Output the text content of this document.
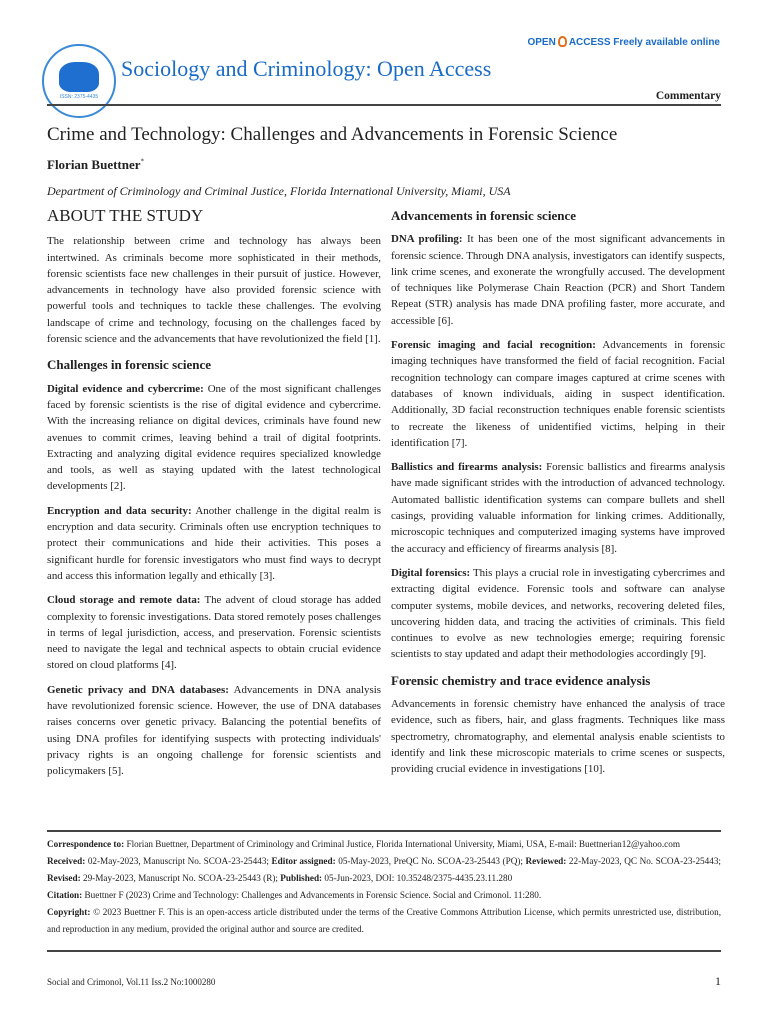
ISSN: 2375-4435
Sociology and Criminology: Open Access
OPEN ACCESS Freely available online
Commentary
Crime and Technology: Challenges and Advancements in Forensic Science
Florian Buettner*
Department of Criminology and Criminal Justice, Florida International University, Miami, USA
ABOUT THE STUDY

The relationship between crime and technology has always been intertwined. As criminals become more sophisticated in their methods, forensic scientists face new challenges in their pursuit of justice. However, advancements in technology have also provided forensic science with powerful tools and techniques to tackle these challenges. The evolving landscape of crime and technology, focusing on the challenges faced by forensic science and the advancements that have revolutionized the field [1].

Challenges in forensic science

Digital evidence and cybercrime: One of the most significant challenges faced by forensic scientists is the rise of digital evidence and cybercrime. With the increasing reliance on digital devices, criminals have found new avenues to commit crimes, leaving behind a trail of digital footprints. Extracting and analyzing digital evidence requires specialized knowledge and tools, as well as staying updated with the latest technological developments [2].

Encryption and data security: Another challenge in the digital realm is encryption and data security. Criminals often use encryption techniques to protect their communications and hide their activities. This poses a significant hurdle for forensic investigators who must find ways to decrypt and access this information legally and ethically [3].

Cloud storage and remote data: The advent of cloud storage has added complexity to forensic investigations. Data stored remotely poses challenges in terms of legal jurisdiction, access, and preservation. Forensic scientists need to navigate the legal and technical aspects to obtain crucial evidence stored on cloud platforms [4].

Genetic privacy and DNA databases: Advancements in DNA analysis have revolutionized forensic science. However, the use of DNA databases raises concerns over genetic privacy. Balancing the potential benefits of using DNA profiles for identifying suspects with protecting individuals' privacy rights is an ongoing challenge for forensic scientists and policymakers [5].

Advancements in forensic science

DNA profiling: It has been one of the most significant advancements in forensic science. Through DNA analysis, investigators can identify suspects, link crime scenes, and exonerate the wrongfully accused. The development of techniques like Polymerase Chain Reaction (PCR) and Short Tandem Repeat (STR) analysis has made DNA profiling faster, more accurate, and accessible [6].

Forensic imaging and facial recognition: Advancements in forensic imaging techniques have transformed the field of facial recognition. Facial recognition technology can compare images captured at crime scenes with databases of known individuals, aiding in suspect identification. Additionally, 3D facial reconstruction techniques enable forensic scientists to recreate the likeness of unidentified victims, helping in their identification [7].

Ballistics and firearms analysis: Forensic ballistics and firearms analysis have made significant strides with the introduction of advanced technology. Automated ballistic identification systems can compare bullets and shell casings, providing valuable information for linking crimes. Additionally, microscopic techniques and computerized imaging systems have improved the accuracy and efficiency of firearms analysis [8].

Digital forensics: This plays a crucial role in investigating cybercrimes and extracting digital evidence. Forensic tools and software can analyse computer systems, mobile devices, and networks, recovering deleted files, uncovering hidden data, and tracing the activities of criminals. This field continues to evolve as new technologies emerge; requiring forensic scientists to stay updated and adapt their methodologies accordingly [9].

Forensic chemistry and trace evidence analysis

Advancements in forensic chemistry have enhanced the analysis of trace evidence, such as fibers, hair, and glass fragments. Techniques like mass spectrometry, chromatography, and elemental analysis enable scientists to identify and link these microscopic materials to crime scenes or suspects, providing crucial evidence in investigations [10].

Correspondence to: Florian Buettner, Department of Criminology and Criminal Justice, Florida International University, Miami, USA, E-mail: Buettnerian12@yahoo.com
Received: 02-May-2023, Manuscript No. SCOA-23-25443; Editor assigned: 05-May-2023, PreQC No. SCOA-23-25443 (PQ); Reviewed: 22-May-2023, QC No. SCOA-23-25443; Revised: 29-May-2023, Manuscript No. SCOA-23-25443 (R); Published: 05-Jun-2023, DOI: 10.35248/2375-4435.23.11.280
Citation: Buettner F (2023) Crime and Technology: Challenges and Advancements in Forensic Science. Social and Crimonol. 11:280.
Copyright: © 2023 Buettner F. This is an open-access article distributed under the terms of the Creative Commons Attribution License, which permits unrestricted use, distribution, and reproduction in any medium, provided the original author and source are credited.
Social and Crimonol, Vol.11 Iss.2 No:1000280	1
